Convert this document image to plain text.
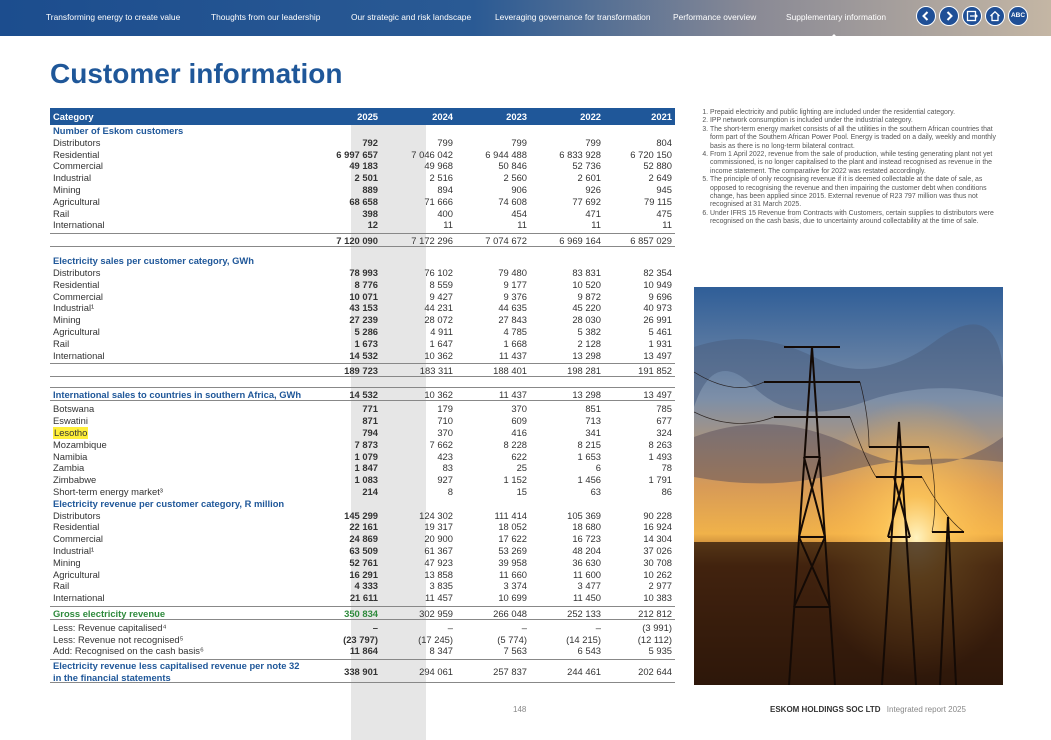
Transforming energy to create value	Thoughts from our leadership	Our strategic and risk landscape	Leveraging governance for transformation	Performance overview	Supplementary information	ABC
Customer information
Category	2025	2024	2023	2022	2021
Number of Eskom customers
Distributors	792	799	799	799	804
Residential	6 997 657	7 046 042	6 944 488	6 833 928	6 720 150
Commercial	49 183	49 968	50 846	52 736	52 880
Industrial	2 501	2 516	2 560	2 601	2 649
Mining	889	894	906	926	945
Agricultural	68 658	71 666	74 608	77 692	79 115
Rail	398	400	454	471	475
International	12	11	11	11	11
7 120 090	7 172 296	7 074 672	6 969 164	6 857 029
Electricity sales per customer category, GWh
Distributors	78 993	76 102	79 480	83 831	82 354
Residential	8 776	8 559	9 177	10 520	10 949
Commercial	10 071	9 427	9 376	9 872	9 696
Industrial¹	43 153	44 231	44 635	45 220	40 973
Mining	27 239	28 072	27 843	28 030	26 991
Agricultural	5 286	4 911	4 785	5 382	5 461
Rail	1 673	1 647	1 668	2 128	1 931
International	14 532	10 362	11 437	13 298	13 497
189 723	183 311	188 401	198 281	191 852
International sales to countries in southern Africa, GWh	14 532	10 362	11 437	13 298	13 497
Botswana	771	179	370	851	785
Eswatini	871	710	609	713	677
Lesotho	794	370	416	341	324
Mozambique	7 873	7 662	8 228	8 215	8 263
Namibia	1 079	423	622	1 653	1 493
Zambia	1 847	83	25	6	78
Zimbabwe	1 083	927	1 152	1 456	1 791
Short-term energy market³	214	8	15	63	86
Electricity revenue per customer category, R million
Distributors	145 299	124 302	111 414	105 369	90 228
Residential	22 161	19 317	18 052	18 680	16 924
Commercial	24 869	20 900	17 622	16 723	14 304
Industrial¹	63 509	61 367	53 269	48 204	37 026
Mining	52 761	47 923	39 958	36 630	30 708
Agricultural	16 291	13 858	11 660	11 600	10 262
Rail	4 333	3 835	3 374	3 477	2 977
International	21 611	11 457	10 699	11 450	10 383
Gross electricity revenue	350 834	302 959	266 048	252 133	212 812
Less: Revenue capitalised⁴	–	–	–	–	(3 991)
Less: Revenue not recognised⁵	(23 797)	(17 245)	(5 774)	(14 215)	(12 112)
Add: Recognised on the cash basis⁶	11 864	8 347	7 563	6 543	5 935
Electricity revenue less capitalised revenue per note 32
in the financial statements
338 901	294 061	257 837	244 461	202 644
1. Prepaid electricity and public lighting are included under the residential category.
2. IPP network consumption is included under the industrial category.
3. The short-term energy market consists of all the utilities in the southern African countries that form part of the Southern African Power Pool. Energy is traded on a daily, weekly and monthly basis as there is no long-term bilateral contract.
4. From 1 April 2022, revenue from the sale of production, while testing generating plant not yet commissioned, is no longer capitalised to the plant and instead recognised as revenue in the income statement. The comparative for 2022 was restated accordingly.
5. The principle of only recognising revenue if it is deemed collectable at the date of sale, as opposed to recognising the revenue and then impairing the customer debt when conditions change, has been applied since 2015. External revenue of R23 797 million was thus not recognised at 31 March 2025.
6. Under IFRS 15 Revenue from Contracts with Customers, certain supplies to distributors were recognised on the cash basis, due to uncertainty around collectability at the time of sale.
148	ESKOM HOLDINGS SOC LTD Integrated report 2025
